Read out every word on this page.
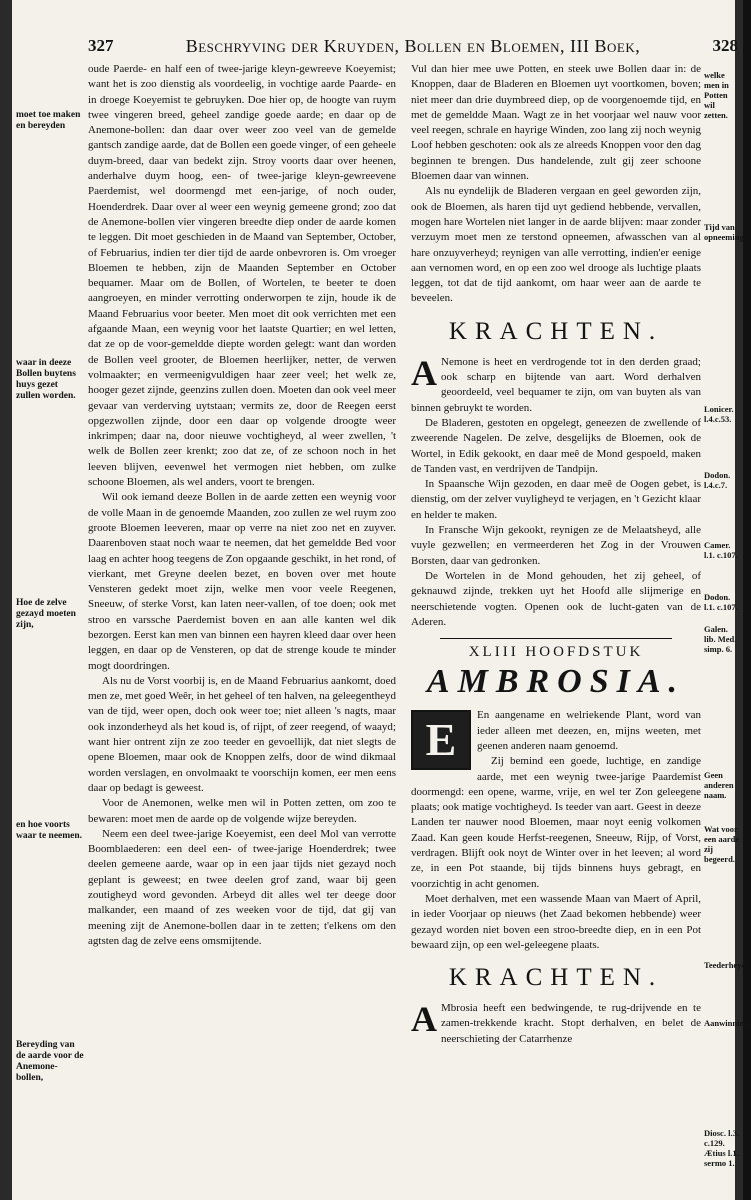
327	Beschryving der Kruyden, Bollen en Bloemen, III Boek,	328
moet toe maken en bereyden
waar in deeze Bollen buytens huys gezet zullen worden.
Hoe de zelve gezayd moeten zijn,
en hoe voorts waar te neemen.
Bereyding van de aarde voor de Anemone-bollen,

oude Paerde- en half een of twee-jarige kleyn-gewreeve Koeyemist; want het is zoo dienstig als voordeelig, in vochtige aarde Paarde- en in droege Koeyemist te gebruyken. Doe hier op, de hoogte van ruym twee vingeren breed, geheel zandige goede aarde; en daar op de Anemone-bollen: dan daar over weer zoo veel van de gemelde gantsch zandige aarde, dat de Bollen een goede vinger, of een geheele duym-breed, daar van bedekt zijn. Stroy voorts daar over heenen, anderhalve duym hoog, een- of twee-jarige kleyn-gewreevene Paerdemist, wel doormengd met een-jarige, of noch ouder, Hoenderdrek. Daar over al weer een weynig gemeene grond; zoo dat de Anemone-bollen vier vingeren breedte diep onder de aarde komen te leggen. Dit moet geschieden in de Maand van September, October, of Februarius, indien ter dier tijd de aarde onbevroren is. Om vroeger Bloemen te hebben, zijn de Maanden September en October bequamer. Maar om de Bollen, of Wortelen, te beeter te doen aangroeyen, en minder verrotting onderworpen te zijn, houde ik de Maand Februarius voor beeter. Men moet dit ook verrichten met een afgaande Maan, een weynig voor het laatste Quartier; en wel letten, dat ze op de voor-gemeldde diepte worden gelegt: want dan worden de Bollen veel grooter, de Bloemen heerlijker, netter, de verwen volmaakter; en vermeenigvuldigen haar zeer veel; het welk ze, hooger gezet zijnde, geenzins zullen doen. Moeten dan ook veel meer gevaar van verderving uytstaan; vermits ze, door de Reegen eerst opgezwollen zijnde, door een daar op volgende droogte weer inkrimpen; daar na, door nieuwe vochtigheyd, al weer zwellen, 't welk de Bollen zeer krenkt; zoo dat ze, of ze schoon noch in het leeven blijven, eevenwel het vermogen niet hebben, om zulke schoone Bloemen, als wel anders, voort te brengen.

Wil ook iemand deeze Bollen in de aarde zetten een weynig voor de volle Maan in de genoemde Maanden, zoo zullen ze wel ruym zoo groote Bloemen leeveren, maar op verre na niet zoo net en zuyver. Daarenboven staat noch waar te neemen, dat het gemeldde Bed voor laag en achter hoog teegens de Zon opgaande geschikt, in het rond, of vierkant, met Greyne deelen bezet, en boven over met houte Vensteren gedekt moet zijn, welke men voor veele Reegenen, Sneeuw, of sterke Vorst, kan laten neer-vallen, of toe doen; ook met stroo en varssche Paerdemist boven en aan alle kanten wel dik bezorgen. Eerst kan men van binnen een hayren kleed daar over heen leggen, en daar op de Vensteren, op dat de strenge koude te minder mogt doordringen.

Als nu de Vorst voorbij is, en de Maand Februarius aankomt, doed men ze, met goed Weêr, in het geheel of ten halven, na geleegentheyd van de tijd, weer open, doch ook weer toe; niet alleen 's nagts, maar ook inzonderheyd als het koud is, of rijpt, of zeer reegend, of waayd; want hier ontrent zijn ze zoo teeder en gevoellijk, dat niet slegts de opene Bloemen, maar ook de Knoppen zelfs, door de wind dikmaal worden verslagen, en onvolmaakt te voorschijn komen, eer men eens daar op bedagt is geweest.

Voor de Anemonen, welke men wil in Potten zetten, om zoo te bewaren: moet men de aarde op de volgende wijze bereyden.

Neem een deel twee-jarige Koeyemist, een deel Mol van verrotte Boomblaederen: een deel een- of twee-jarige Hoenderdrek; twee deelen gemeene aarde, waar op in een jaar tijds niet gezayd noch geplant is geweest; en twee deelen grof zand, waar bij geen zoutigheyd word gevonden. Arbeyd dit alles wel ter deege door malkander, een maand of zes weeken voor de tijd, dat gij van meening zijt de Anemone-bollen daar in te zetten; t'elkens om den agtsten dag de zelve eens omsmijtende.

Vul dan hier mee uwe Potten, en steek uwe Bollen daar in: de Knoppen, daar de Bladeren en Bloemen uyt voortkomen, boven; niet meer dan drie duymbreed diep, op de voorgenoemde tijd, en met de gemeldde Maan. Wagt ze in het voorjaar wel nauw voor veel reegen, schrale en hayrige Winden, zoo lang zij noch weynig Loof hebben geschoten: ook als ze alreeds Knoppen voor den dag beginnen te brengen. Dus handelende, zult gij zeer schoone Bloemen daar van winnen.

Als nu eyndelijk de Bladeren vergaan en geel geworden zijn, ook de Bloemen, als haren tijd uyt gediend hebbende, vervallen, mogen hare Wortelen niet langer in de aarde blijven: maar zonder verzuym moet men ze terstond opneemen, afwasschen van al hare onzuyverheyd; reynigen van alle verrotting, indien'er eenige aan vernomen word, en op een zoo wel drooge als luchtige plaats leggen, tot dat de tijd aankomt, om haar weer aan de aarde te beveelen.

KRACHTEN.

A Nemone is heet en verdrogende tot in den derden graad; ook scharp en bijtende van aart. Word derhalven geoordeeld, veel bequamer te zijn, om van buyten als van binnen gebruykt te worden.

De Bladeren, gestoten en opgelegt, geneezen de zwellende of zweerende Nagelen. De zelve, desgelijks de Bloemen, ook de Wortel, in Edik gekookt, en daar meê de Mond gespoeld, maken de Tanden vast, en verdrijven de Tandpijn.

In Spaansche Wijn gezoden, en daar meê de Oogen gebet, is dienstig, om der zelver vuyligheyd te verjagen, en 't Gezicht klaar en helder te maken.

In Fransche Wijn gekookt, reynigen ze de Melaatsheyd, alle vuyle gezwellen; en vermeerderen het Zog in der Vrouwen Borsten, daar van gedronken.

De Wortelen in de Mond gehouden, het zij geheel, of geknauwd zijnde, trekken uyt het Hoofd alle slijmerige en neerschietende vogten. Openen ook de lucht-gaten van de Aderen.

XLIII HOOFDSTUK
AMBROSIA.

E	En aangename en welriekende Plant, word van ieder alleen met deezen, en, mijns weeten, met geenen anderen naam genoemd.

Zij bemind een goede, luchtige, en zandige aarde, met een weynig twee-jarige Paardemist doormengd: een opene, warme, vrije, en wel ter Zon geleegene plaats; ook matige vochtigheyd. Is teeder van aart. Geest in deeze Landen ter nauwer nood Bloemen, maar noyt eenig volkomen Zaad. Kan geen koude Herfst-reegenen, Sneeuw, Rijp, of Vorst, verdragen. Blijft ook noyt de Winter over in het leeven; al word ze, in een Pot staande, bij tijds binnens huys gebragt, en voorzichtig in acht genomen.

Moet derhalven, met een wassende Maan van Maert of April, in ieder Voorjaar op nieuws (het Zaad bekomen hebbende) weer gezayd worden niet boven een stroo-breedte diep, en in een Pot bewaard zijn, op een wel-geleegene plaats.

KRACHTEN.

A Mbrosia heeft een bedwingende, te rug-drijvende en te zamen-trekkende kracht. Stopt derhalven, en belet de neerschieting der Catarrhenze

welke men in Potten wil zetten.
Tijd van opneeming.
Lonicer. l.4.c.53.
Dodon. l.4.c.7.
Camer. l.1. c.107.
Dodon. l.1. c.107.
Galen. lib. Med. simp. 6.
Geen anderen naam.
Wat voor een aarde zij begeerd.
Teederheyd.
Aanwinning.
Diosc. l.3. c.129. Ætius l.1. sermo 1.
